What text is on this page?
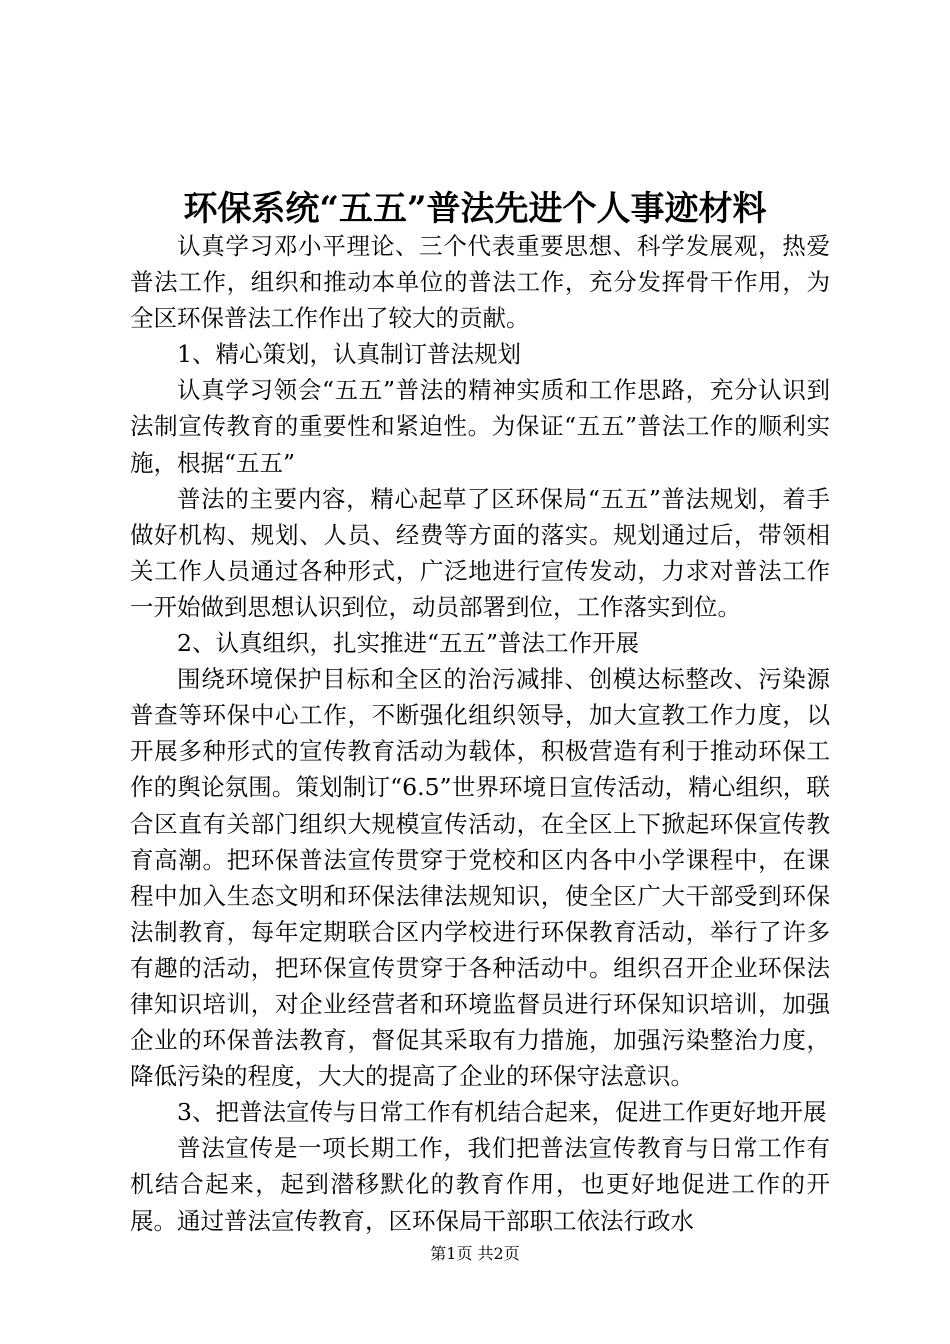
环保系统“五五”普法先进个人事迹材料

认真学习邓小平理论、三个代表重要思想、科学发展观，热爱普法工作，组织和推动本单位的普法工作，充分发挥骨干作用，为全区环保普法工作作出了较大的贡献。

1、精心策划，认真制订普法规划

认真学习领会“五五”普法的精神实质和工作思路，充分认识到法制宣传教育的重要性和紧迫性。为保证“五五”普法工作的顺利实施，根据“五五”

普法的主要内容，精心起草了区环保局“五五”普法规划，着手做好机构、规划、人员、经费等方面的落实。规划通过后，带领相关工作人员通过各种形式，广泛地进行宣传发动，力求对普法工作一开始做到思想认识到位，动员部署到位，工作落实到位。

2、认真组织，扎实推进“五五”普法工作开展

围绕环境保护目标和全区的治污减排、创模达标整改、污染源普查等环保中心工作，不断强化组织领导，加大宣教工作力度，以开展多种形式的宣传教育活动为载体，积极营造有利于推动环保工作的舆论氛围。策划制订“6.5”世界环境日宣传活动，精心组织，联合区直有关部门组织大规模宣传活动，在全区上下掀起环保宣传教育高潮。把环保普法宣传贯穿于党校和区内各中小学课程中，在课程中加入生态文明和环保法律法规知识，使全区广大干部受到环保法制教育，每年定期联合区内学校进行环保教育活动，举行了许多有趣的活动，把环保宣传贯穿于各种活动中。组织召开企业环保法律知识培训，对企业经营者和环境监督员进行环保知识培训，加强企业的环保普法教育，督促其采取有力措施，加强污染整治力度，降低污染的程度，大大的提高了企业的环保守法意识。

3、把普法宣传与日常工作有机结合起来，促进工作更好地开展

普法宣传是一项长期工作，我们把普法宣传教育与日常工作有机结合起来，起到潜移默化的教育作用，也更好地促进工作的开展。通过普法宣传教育，区环保局干部职工依法行政水

第1页 共2页
